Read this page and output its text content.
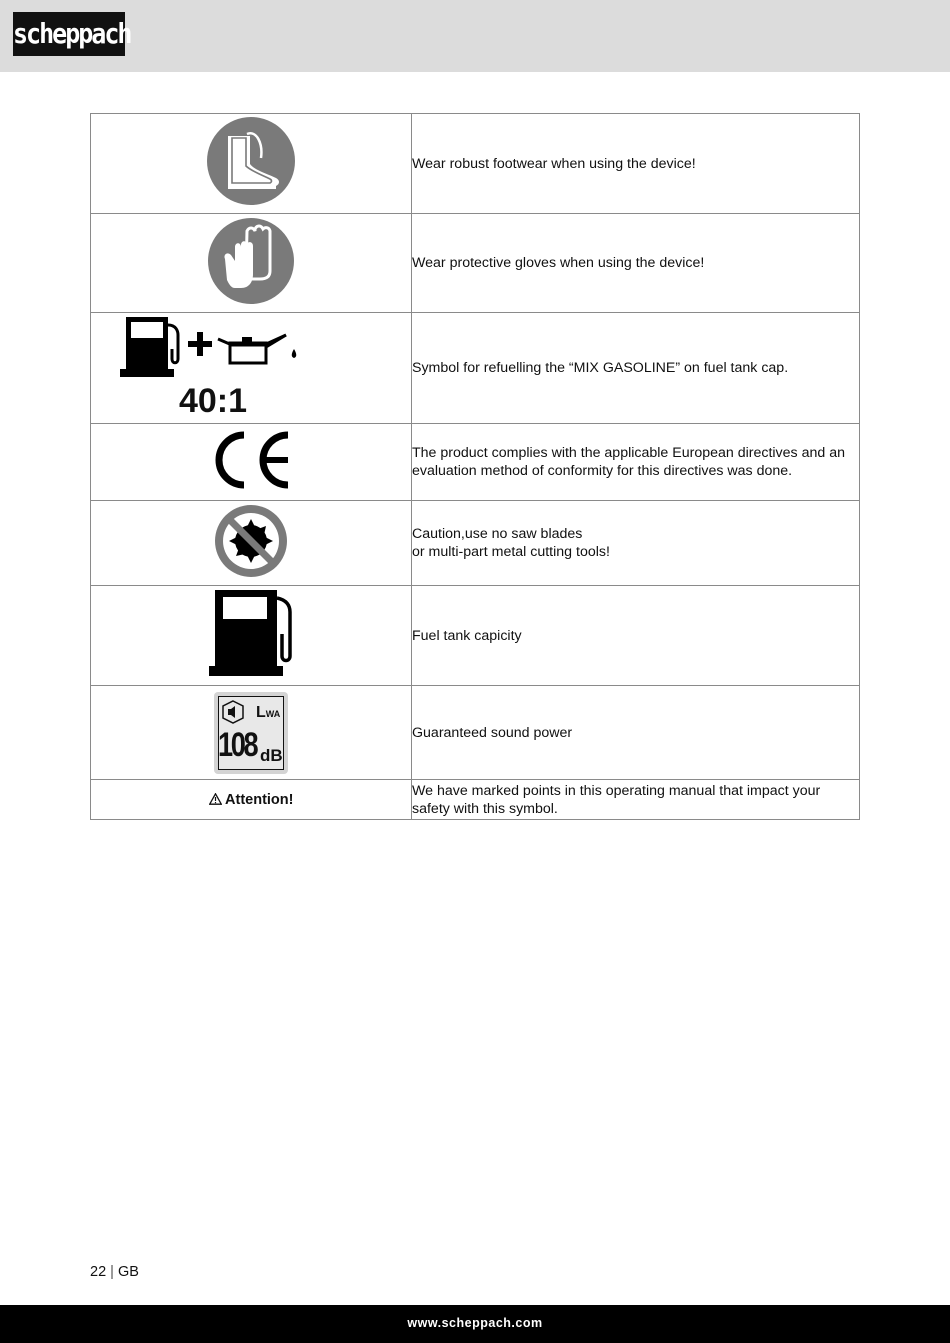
scheppach

Wear robust footwear when using the device!

Wear protective gloves when using the device!

40:1	Symbol for refuelling the “MIX GASOLINE” on fuel tank cap.

The product complies with the applicable European directives and an evaluation method of conformity for this directives was done.

Caution,use no saw blades
or multi-part metal cutting tools!

Fuel tank capicity

LWA
108 dB	Guaranteed sound power

Attention!	We have marked points in this operating manual that impact your safety with this symbol.
22 | GB
www.scheppach.com
